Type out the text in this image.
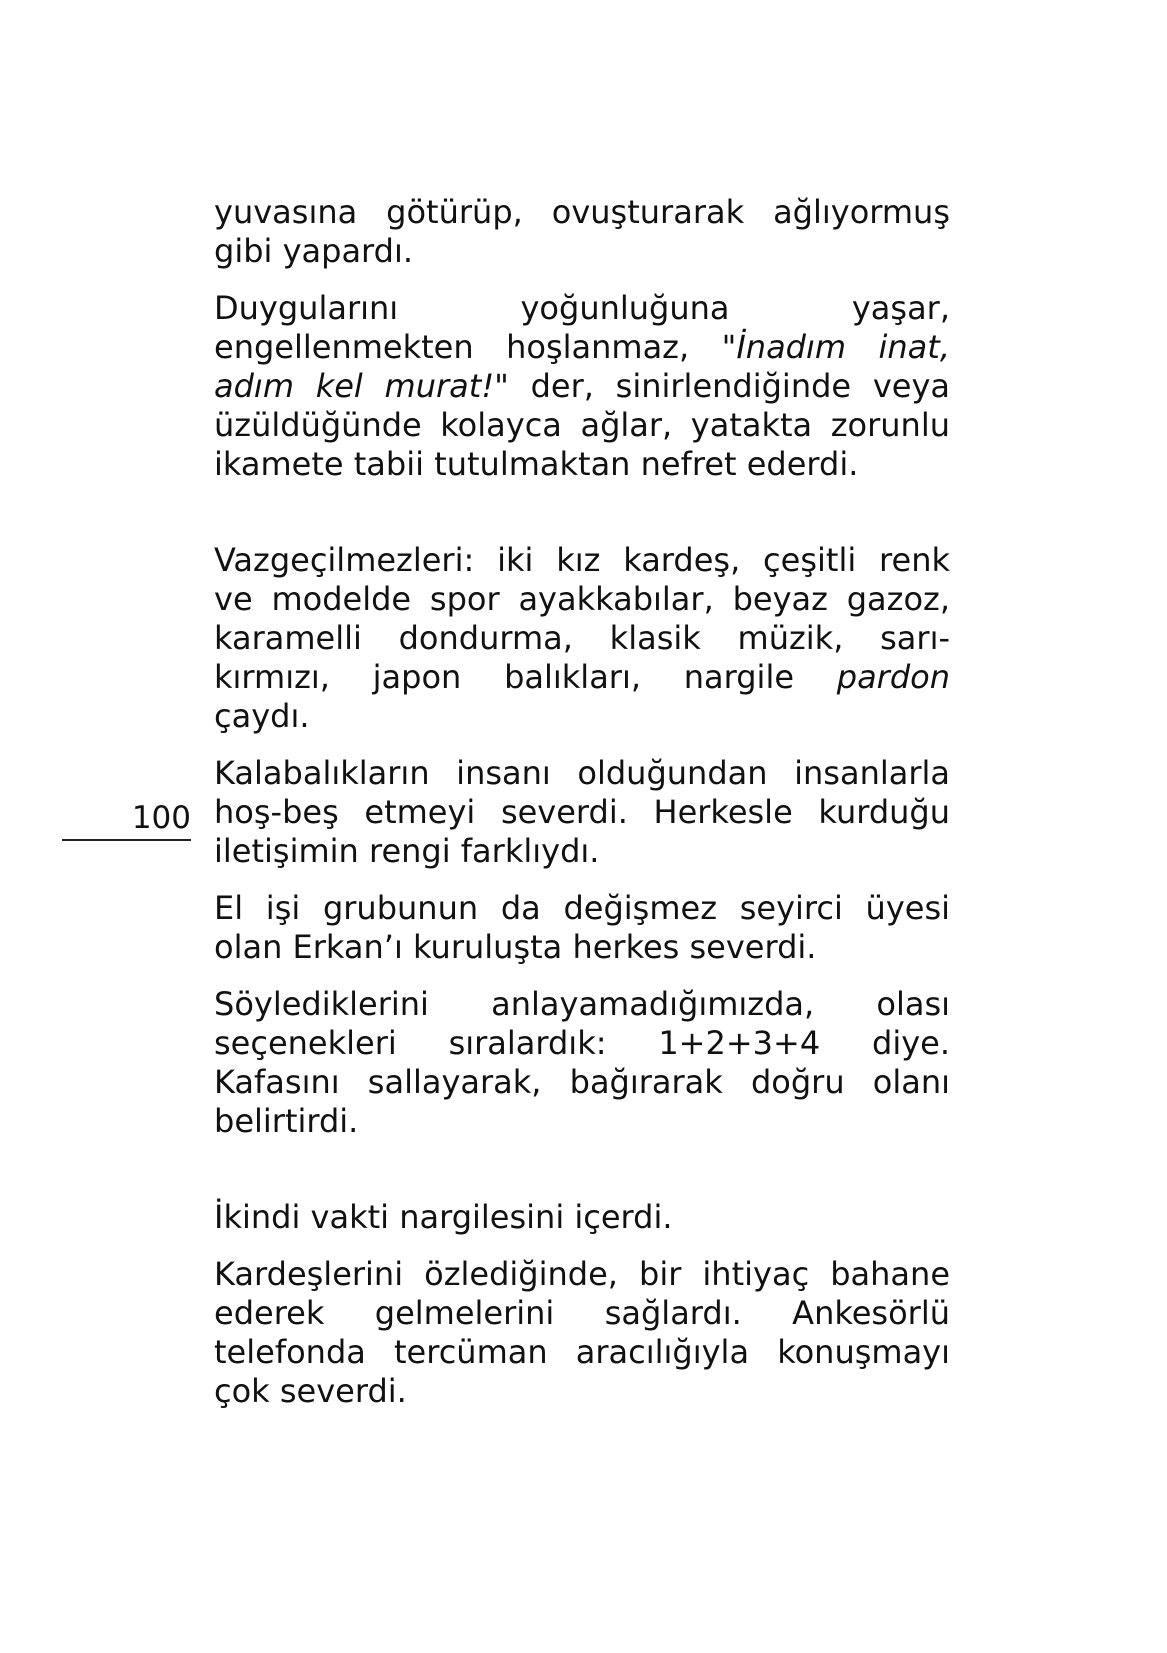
yuvasına götürüp, ovuşturarak ağlıyormuş
gibi yapardı.
Duygularını yoğunluğuna yaşar,
engellenmekten hoşlanmaz, "İnadım inat,
adım kel murat!" der, sinirlendiğinde veya
üzüldüğünde kolayca ağlar, yatakta zorunlu
ikamete tabii tutulmaktan nefret ederdi.
Vazgeçilmezleri: iki kız kardeş, çeşitli renk
ve modelde spor ayakkabılar, beyaz gazoz,
karamelli dondurma, klasik müzik, sarı-
kırmızı, japon balıkları, nargile pardon
çaydı.
Kalabalıkların insanı olduğundan insanlarla
hoş-beş etmeyi severdi. Herkesle kurduğu
iletişimin rengi farklıydı.
El işi grubunun da değişmez seyirci üyesi
olan Erkan’ı kuruluşta herkes severdi.
Söylediklerini anlayamadığımızda, olası
seçenekleri sıralardık: 1+2+3+4 diye.
Kafasını sallayarak, bağırarak doğru olanı
belirtirdi.
İkindi vakti nargilesini içerdi.
Kardeşlerini özlediğinde, bir ihtiyaç bahane
ederek gelmelerini sağlardı. Ankesörlü
telefonda tercüman aracılığıyla konuşmayı
çok severdi.
100
